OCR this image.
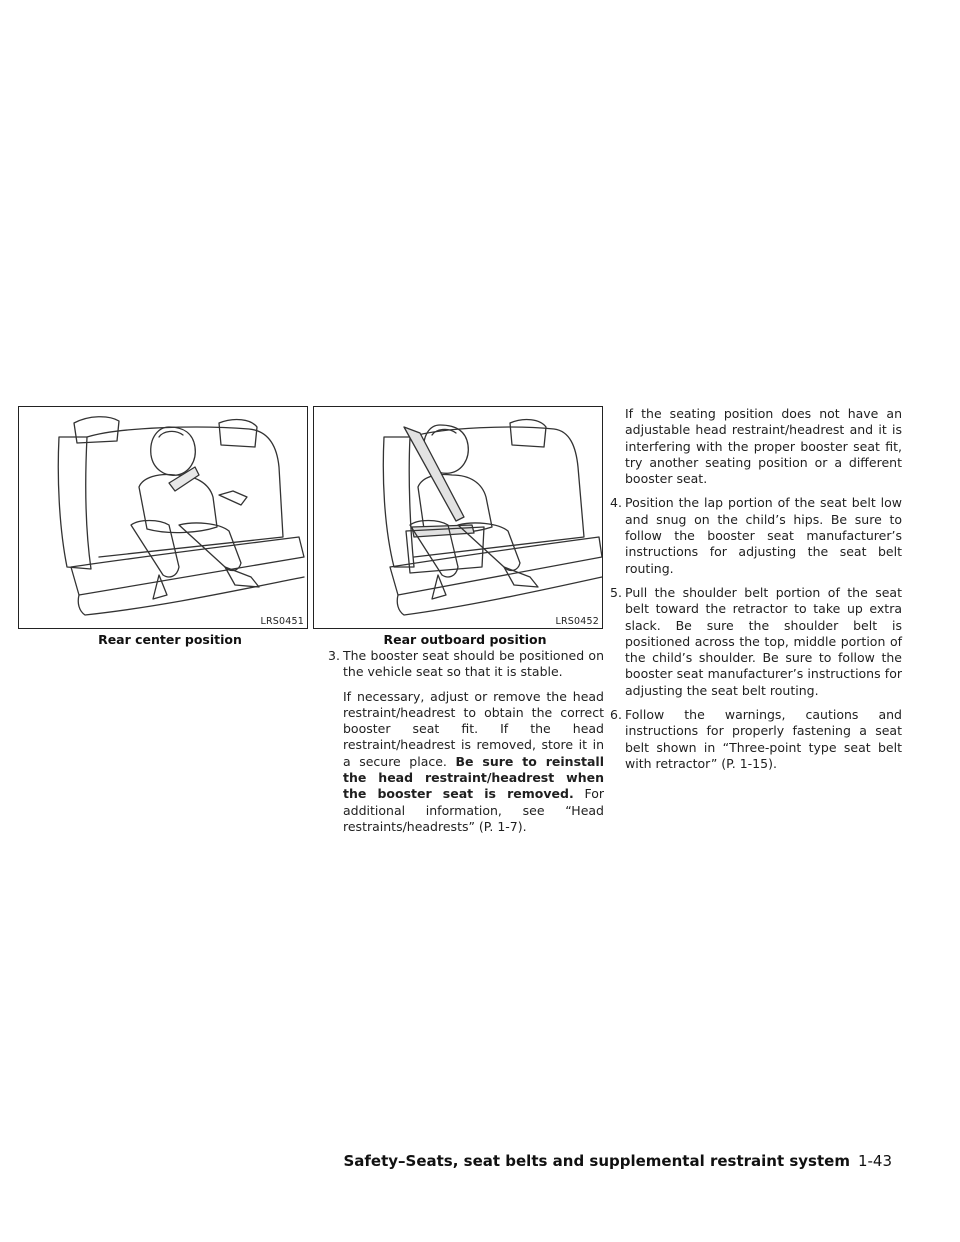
LRS0451
Rear center position
LRS0452
Rear outboard position
3. The booster seat should be positioned on the vehicle seat so that it is stable.

If necessary, adjust or remove the head restraint/headrest to obtain the correct booster seat fit. If the head restraint/headrest is removed, store it in a secure place. Be sure to reinstall the head restraint/headrest when the booster seat is removed. For additional information, see “Head restraints/headrests” (P. 1-7).

If the seating position does not have an adjustable head restraint/headrest and it is interfering with the proper booster seat fit, try another seating position or a different booster seat.

4. Position the lap portion of the seat belt low and snug on the child’s hips. Be sure to follow the booster seat manufacturer’s instructions for adjusting the seat belt routing.

5. Pull the shoulder belt portion of the seat belt toward the retractor to take up extra slack. Be sure the shoulder belt is positioned across the top, middle portion of the child’s shoulder. Be sure to follow the booster seat manufacturer’s instructions for adjusting the seat belt routing.

6. Follow the warnings, cautions and instructions for properly fastening a seat belt shown in “Three-point type seat belt with retractor” (P. 1-15).

Safety–Seats, seat belts and supplemental restraint system 1-43
